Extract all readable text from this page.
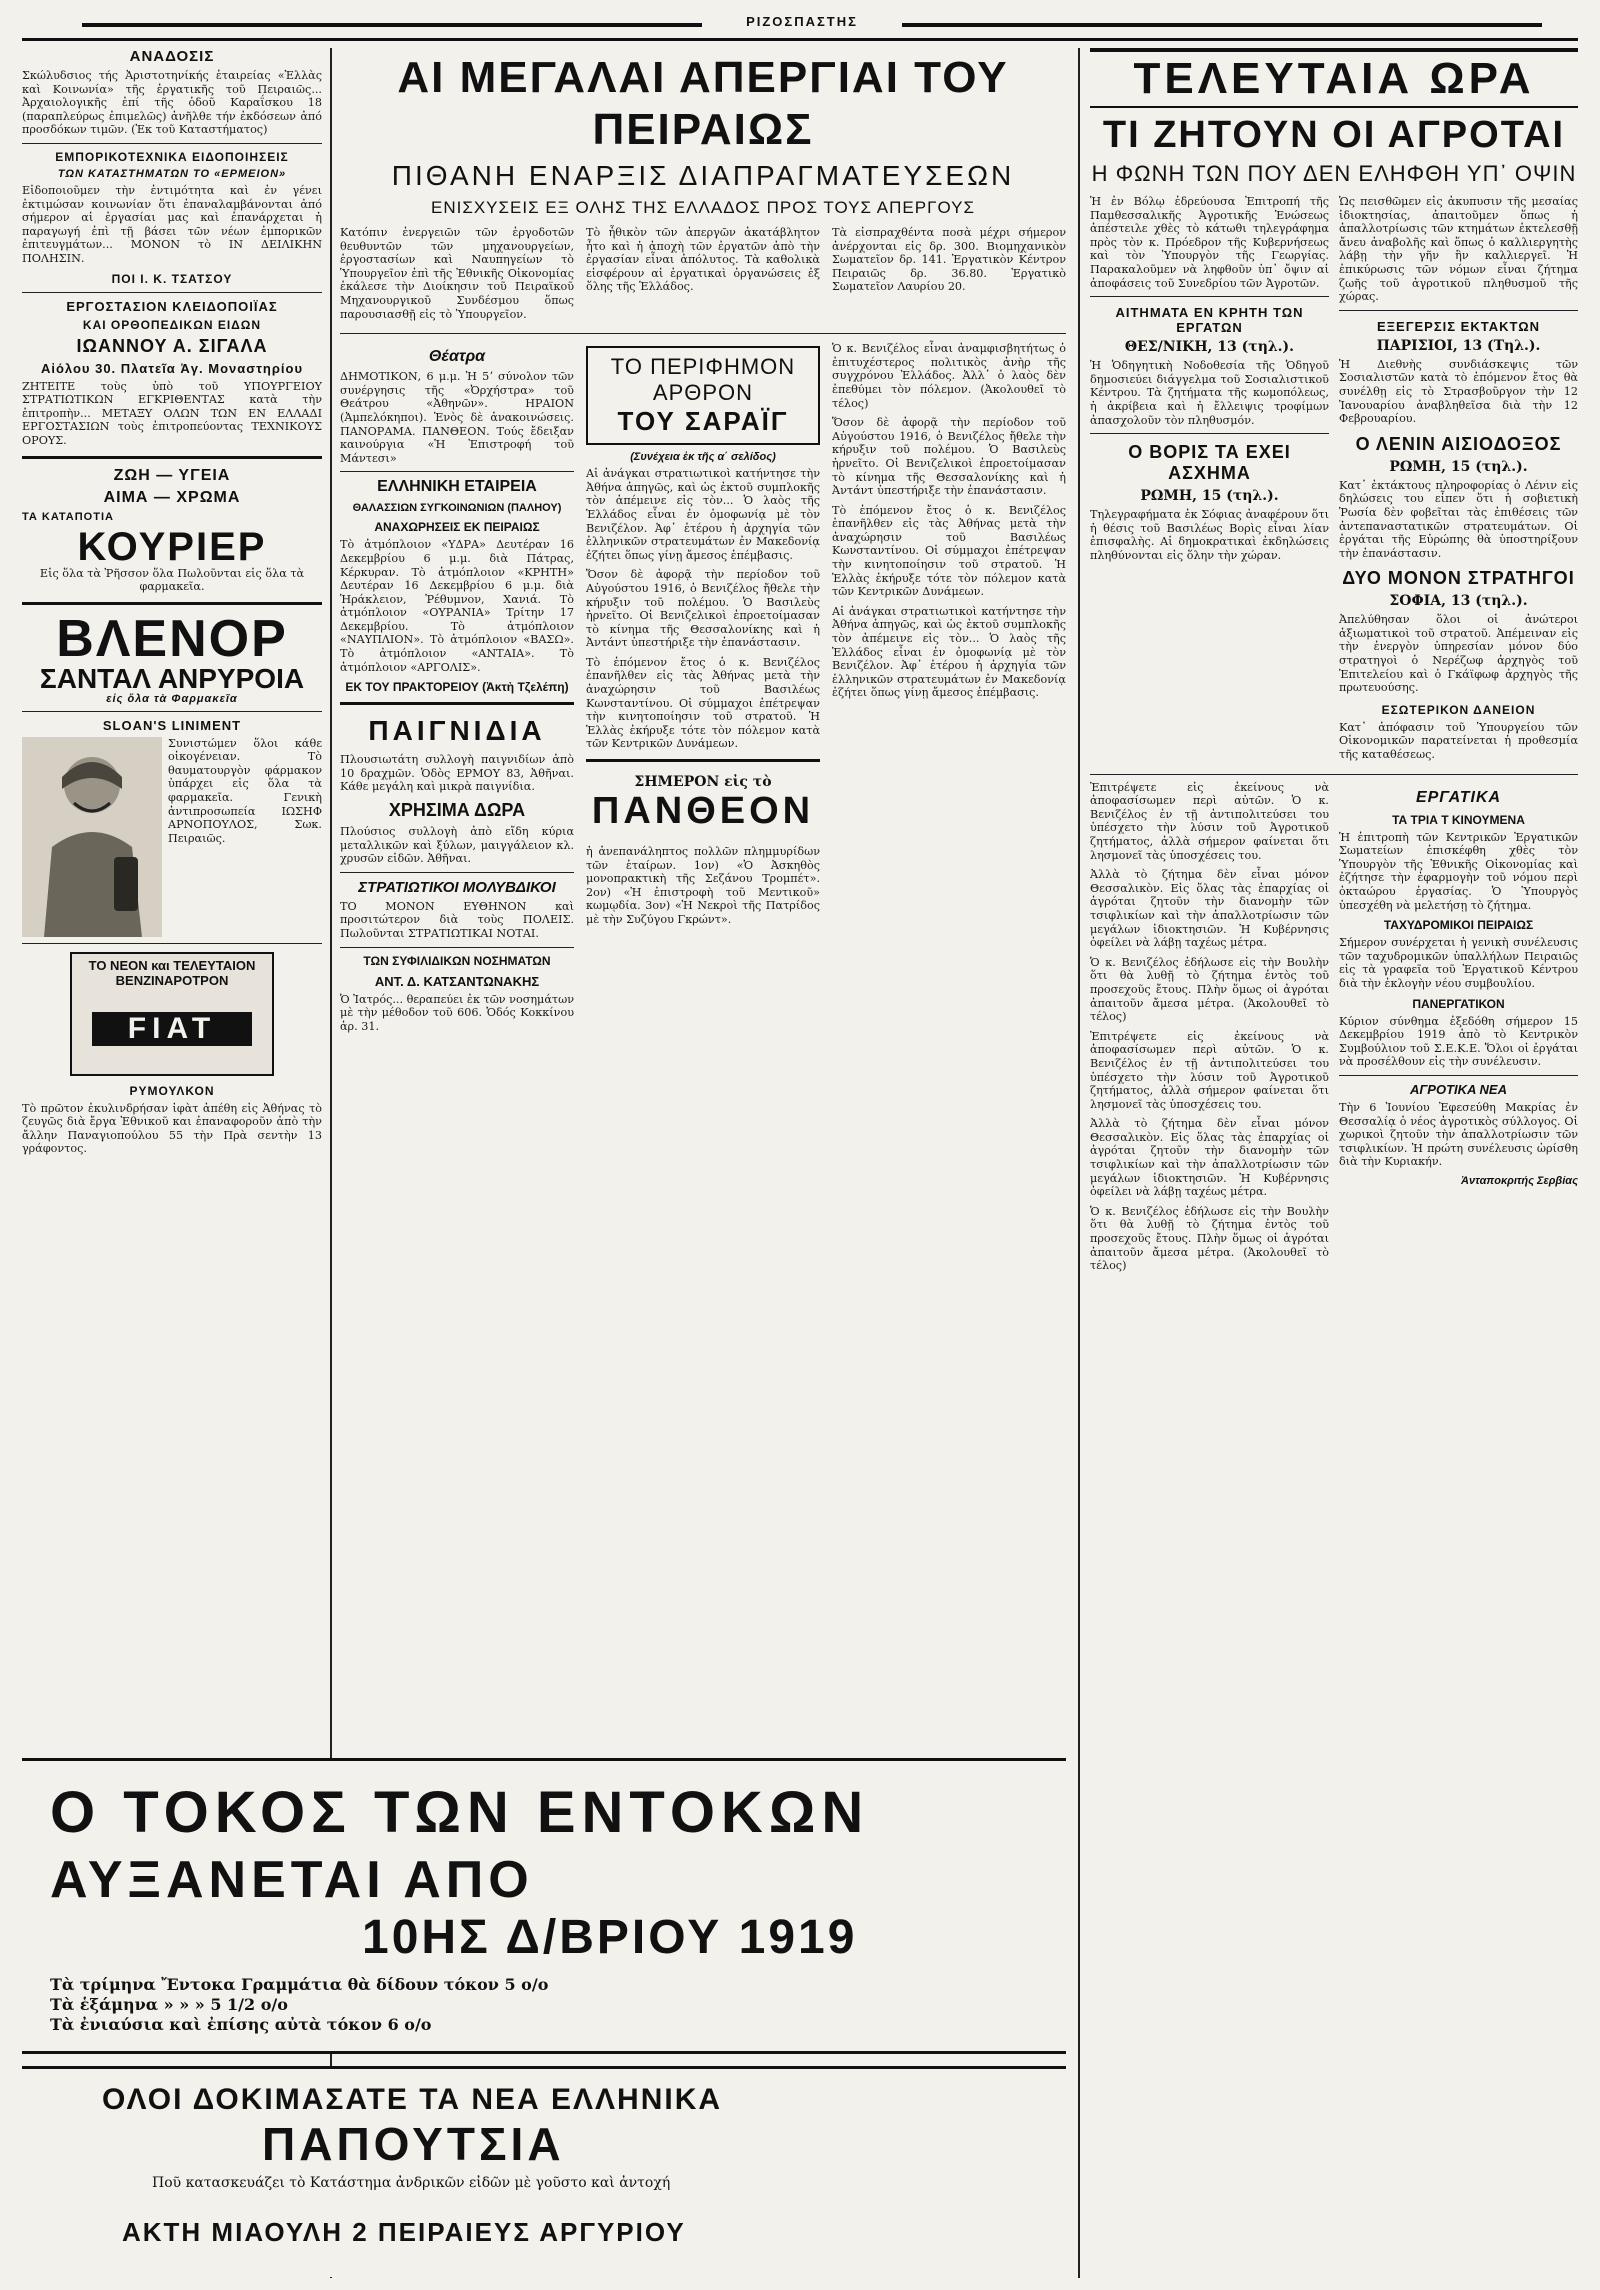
ΡΙΖΟΣΠΑΣΤΗΣ
ΑΝΑΔΟΣΙΣ

Σκώλυδσιος τής Ἀριστοτηνίκής ἑταιρείας «Ἑλλὰς καὶ Κοινωνία» τῆς ἐργατικῆς τοῦ Πειραιῶς... Ἀρχαιολογικῆς ἐπί τῆς ὁδοῦ Καραΐσκου 18 (παραπλεύρως ἐπιμελῶς) ἀνῆλθε τήν ἐκδόσεων ἀπό προσδόκων τιμῶν. (Ἐκ τοῦ Καταστήματος)

ΕΜΠΟΡΙΚΟΤΕΧΝΙΚΑ ΕΙΔΟΠΟΙΗΣΕΙΣ
ΤΩΝ ΚΑΤΑΣΤΗΜΑΤΩΝ ΤΟ «ΕΡΜΕΙΟΝ»

Εἰδοποιοῦμεν τὴν ἐντιμότητα καὶ ἐν γένει ἐκτιμώσαν κοινωνίαν ὅτι ἐπαναλαμβάνονται ἀπό σήμερον αἱ ἐργασίαι μας καὶ ἐπανάρχεται ἡ παραγωγή ἐπὶ τῇ βάσει τῶν νέων ἐμπορικῶν ἐπιτευγμάτων... ΜΟΝΟΝ τὸ ΙΝ ΔΕΙΛΙΚΗΝ ΠΟΛΗΣΙΝ.

ΠΟΙ Ι. Κ. ΤΣΑΤΣΟΥ
ΕΡΓΟΣΤΑΣΙΟΝ ΚΛΕΙΔΟΠΟΙΪΑΣ
ΚΑΙ ΟΡΘΟΠΕΔΙΚΩΝ ΕΙΔΩΝ
ΙΩΑΝΝΟΥ Α. ΣΙΓΑΛΑ
Αἰόλου 30. Πλατεῖα Ἀγ. Μοναστηρίου

ΖΗΤΕΙΤΕ τοὺς ὑπὸ τοῦ ΥΠΟΥΡΓΕΙΟΥ ΣΤΡΑΤΙΩΤΙΚΩΝ ΕΓΚΡΙΘΕΝΤΑΣ κατὰ τὴν ἐπιτροπὴν... ΜΕΤΑΞΥ ΟΛΩΝ ΤΩΝ ΕΝ ΕΛΛΑΔΙ ΕΡΓΟΣΤΑΣΙΩΝ τοὺς ἐπιτροπεύοντας ΤΕΧΝΙΚΟΥΣ ΟΡΟΥΣ.

ΖΩΗ — ΥΓΕΙΑ
ΑΙΜΑ — ΧΡΩΜΑ
ΤΑ ΚΑΤΑΠΟΤΙΑ
ΚΟΥΡΙΕΡ

Εἰς ὅλα τὰ Ῥῆσσον ὅλα Πωλοῦνται εἰς ὅλα τὰ φαρμακεῖα.

ΒΛΕΝΟΡ
ΣΑΝΤΑΛ ΑΝΡΥΡΟΙΑ
εἰς ὅλα τὰ Φαρμακεῖα
SLOAN'S LINIMENT

Συνιστώμεν ὅλοι κάθε οἰκογένειαν. Τὸ θαυματουργὸν φάρμακον ὑπάρχει εἰς ὅλα τὰ φαρμακεῖα. Γενικὴ ἀντιπροσωπεία ΙΩΣΗΦ ΑΡΝΟΠΟΥΛΟΣ, Σωκ. Πειραιῶς.

ΤΟ ΝΕΟΝ και ΤΕΛΕΥΤΑΙΟΝ ΒΕΝΖΙΝΑΡΟΤΡΟΝ
FIAT
ΡΥΜΟΥΛΚΟΝ

Τὸ πρῶτον ἐκυλινδρήσαν ἰφὰτ ἀπέθη εἰς Ἀθήνας τὸ ζευγῶς διὰ ἔργα Ἐθνικοῦ και ἐπαναφοροῦν ἀπὸ τὴν ἄλλην Παναγιοπούλου 55 τὴν Πρὰ σεντὴν 13 γράφοντος.

ΑΙ ΜΕΓΑΛΑΙ ΑΠΕΡΓΙΑΙ ΤΟΥ ΠΕΙΡΑΙΩΣ
ΠΙΘΑΝΗ ΕΝΑΡΞΙΣ ΔΙΑΠΡΑΓΜΑΤΕΥΣΕΩΝ
ΕΝΙΣΧΥΣΕΙΣ ΕΞ ΟΛΗΣ ΤΗΣ ΕΛΛΑΔΟΣ ΠΡΟΣ ΤΟΥΣ ΑΠΕΡΓΟΥΣ

Κατόπιν ἐνεργειῶν τῶν ἐργοδοτῶν θευθυντῶν τῶν μηχανουργείων, ἐργοστασίων καὶ Ναυπηγείων τὸ Ὑπουργεῖον ἐπὶ τῆς Ἐθνικῆς Οἰκονομίας ἐκάλεσε τὴν Διοίκησιν τοῦ Πειραϊκοῦ Μηχανουργικοῦ Συνδέσμου ὅπως παρουσιασθῇ εἰς τὸ Ὑπουργεῖον.

Τὸ ἦθικὸν τῶν ἀπεργῶν ἀκατάβλητον ἦτο καὶ ἡ ἀποχὴ τῶν ἐργατῶν ἀπὸ τὴν ἐργασίαν εἶναι ἀπόλυτος. Τὰ καθολικὰ εἰσφέρουν αἱ ἐργατικαὶ ὀργανώσεις ἐξ ὅλης τῆς Ἑλλάδος.

Τὰ εἰσπραχθέντα ποσὰ μέχρι σήμερον ἀνέρχονται εἰς δρ. 300. Βιομηχανικὸν Σωματεῖον δρ. 141. Ἐργατικὸν Κέντρον Πειραιῶς δρ. 36.80. Ἐργατικὸ Σωματεῖον Λαυρίου 20.

Θέατρα

ΔΗΜΟΤΙΚΟΝ, 6 μ.μ. Ἡ 5ʼ σύνολον τῶν συνέργησις τῆς «Ὀρχήστρα» τοῦ Θεάτρου «Ἀθηνῶν». ΗΡΑΙΟΝ (Ἀμπελόκηποι). Ἑνὸς δὲ ἀνακοινώσεις. ΠΑΝΟΡΑΜΑ. ΠΑΝΘΕΟΝ. Τούς ἔδειξαν καινούργια «Ἡ Ἐπιστροφή τοῦ Μάντεσι»

ΕΛΛΗΝΙΚΗ ΕΤΑΙΡΕΙΑ
ΘΑΛΑΣΣΙΩΝ ΣΥΓΚΟΙΝΩΝΙΩΝ (ΠΑΛΗΟΥ)
ΑΝΑΧΩΡΗΣΕΙΣ ΕΚ ΠΕΙΡΑΙΩΣ

Τὸ ἀτμόπλοιον «ΥΔΡΑ» Δευτέραν 16 Δεκεμβρίου 6 μ.μ. διὰ Πάτρας, Κέρκυραν. Τὸ ἀτμόπλοιον «ΚΡΗΤΗ» Δευτέραν 16 Δεκεμβρίου 6 μ.μ. διὰ Ἡράκλειον, Ῥέθυμνον, Χανιά. Τὸ ἀτμόπλοιον «ΟΥΡΑΝΙΑ» Τρίτην 17 Δεκεμβρίου. Τὸ ἀτμόπλοιον «ΝΑΥΠΛΙΟΝ». Τὸ ἀτμόπλοιον «ΒΑΣΩ». Τὸ ἀτμόπλοιον «ΑΝΤΑΙΑ». Τὸ ἀτμόπλοιον «ΑΡΓΟΛΙΣ».

ΕΚ ΤΟΥ ΠΡΑΚΤΟΡΕΙΟΥ (Ἀκτὴ Τζελέπη)
ΠΑΙΓΝΙΔΙΑ

Πλουσιωτάτη συλλογὴ παιγνιδίων ἀπὸ 10 δραχμῶν. Ὁδὸς ΕΡΜΟΥ 83, Ἀθῆναι. Κάθε μεγάλη καὶ μικρὰ παιγνίδια.

ΧΡΗΣΙΜΑ ΔΩΡΑ

Πλούσιος συλλογὴ ἀπὸ εἴδη κύρια μεταλλικῶν καὶ ξύλων, μαιγγάλειον κλ. χρυσῶν εἰδῶν. Ἀθῆναι.

ΣΤΡΑΤΙΩΤΙΚΟΙ ΜΟΛΥΒΔΙΚΟΙ

ΤΟ ΜΟΝΟΝ ΕΥΘΗΝΟΝ καὶ προσιτώτερον διὰ τοὺς ΠΟΛΕΙΣ. Πωλοῦνται ΣΤΡΑΤΙΩΤΙΚΑΙ ΝΟΤΑΙ.

ΤΩΝ ΣΥΦΙΛΙΔΙΚΩΝ ΝΟΣΗΜΑΤΩΝ
ΑΝΤ. Δ. ΚΑΤΣΑΝΤΩΝΑΚΗΣ

Ὁ Ἰατρός... θεραπεύει ἐκ τῶν νοσημάτων μὲ τὴν μέθοδον τοῦ 606. Ὁδός Κοκκίνου ἀρ. 31.

ΤΟ ΠΕΡΙΦΗΜΟΝ ΑΡΘΡΟΝ
ΤΟΥ ΣΑΡΑΪΓ
(Συνέχεια ἐκ τῆς α΄ σελίδος)

Αἱ ἀνάγκαι στρατιωτικοὶ κατήντησε τὴν Ἀθήνα ἀπηγῶς, καὶ ὡς ἐκτοῦ συμπλοκῆς τὸν ἀπέμεινε εἰς τὸν... Ὁ λαὸς τῆς Ἑλλάδος εἶναι ἐν ὁμοφωνίᾳ μὲ τὸν Βενιζέλον. Ἀφ᾿ ἑτέρου ἡ ἀρχηγία τῶν ἑλληνικῶν στρατευμάτων ἐν Μακεδονίᾳ ἐζήτει ὅπως γίνῃ ἄμεσος ἐπέμβασις.

Ὅσον δὲ ἀφορᾷ τὴν περίοδον τοῦ Αὐγούστου 1916, ὁ Βενιζέλος ἤθελε τὴν κήρυξιν τοῦ πολέμου. Ὁ Βασιλεὺς ἠρνεῖτο. Οἱ Βενιζελικοὶ ἐπροετοίμασαν τὸ κίνημα τῆς Θεσσαλονίκης καὶ ἡ Ἀντάντ ὑπεστήριξε τὴν ἐπανάστασιν.

Τὸ ἐπόμενον ἔτος ὁ κ. Βενιζέλος ἐπανῆλθεν εἰς τὰς Ἀθήνας μετὰ τὴν ἀναχώρησιν τοῦ Βασιλέως Κωνσταντίνου. Οἱ σύμμαχοι ἐπέτρεψαν τὴν κινητοποίησιν τοῦ στρατοῦ. Ἡ Ἑλλὰς ἐκήρυξε τότε τὸν πόλεμον κατὰ τῶν Κεντρικῶν Δυνάμεων.

ΣΗΜΕΡΟΝ εἰς τὸ
ΠΑΝΘΕΟΝ

ἡ ἀνεπανάληπτος πολλῶν πλημμυρίδων τῶν ἑταίρων. 1ον) «Ὁ Ἀσκηθὸς μονοπρακτικὴ τῆς Σεζάνου Τρομπέτ». 2ον) «Ἡ ἐπιστροφὴ τοῦ Μεντικοῦ» κωμῳδία. 3ον) «Ἡ Νεκροὶ τῆς Πατρίδος μὲ τὴν Συζύγου Γκρώντ».

Ὁ κ. Βενιζέλος εἶναι ἀναμφισβητήτως ὁ ἐπιτυχέστερος πολιτικὸς ἀνὴρ τῆς συγχρόνου Ἑλλάδος. Ἀλλ᾿ ὁ λαὸς δὲν ἐπεθύμει τὸν πόλεμον. (Ἀκολουθεῖ τὸ τέλος)

Ὅσον δὲ ἀφορᾷ τὴν περίοδον τοῦ Αὐγούστου 1916, ὁ Βενιζέλος ἤθελε τὴν κήρυξιν τοῦ πολέμου. Ὁ Βασιλεὺς ἠρνεῖτο. Οἱ Βενιζελικοὶ ἐπροετοίμασαν τὸ κίνημα τῆς Θεσσαλονίκης καὶ ἡ Ἀντάντ ὑπεστήριξε τὴν ἐπανάστασιν.

Τὸ ἐπόμενον ἔτος ὁ κ. Βενιζέλος ἐπανῆλθεν εἰς τὰς Ἀθήνας μετὰ τὴν ἀναχώρησιν τοῦ Βασιλέως Κωνσταντίνου. Οἱ σύμμαχοι ἐπέτρεψαν τὴν κινητοποίησιν τοῦ στρατοῦ. Ἡ Ἑλλὰς ἐκήρυξε τότε τὸν πόλεμον κατὰ τῶν Κεντρικῶν Δυνάμεων.

Αἱ ἀνάγκαι στρατιωτικοὶ κατήντησε τὴν Ἀθήνα ἀπηγῶς, καὶ ὡς ἐκτοῦ συμπλοκῆς τὸν ἀπέμεινε εἰς τὸν... Ὁ λαὸς τῆς Ἑλλάδος εἶναι ἐν ὁμοφωνίᾳ μὲ τὸν Βενιζέλον. Ἀφ᾿ ἑτέρου ἡ ἀρχηγία τῶν ἑλληνικῶν στρατευμάτων ἐν Μακεδονίᾳ ἐζήτει ὅπως γίνῃ ἄμεσος ἐπέμβασις.

Ο ΤΟΚΟΣ ΤΩΝ ΕΝΤΟΚΩΝ
ΑΥΞΑΝΕΤΑΙ ΑΠΟ
10ΗΣ Δ/ΒΡΙΟΥ 1919
Τὰ τρίμηνα Ἔντοκα Γραμμάτια θὰ δίδουν τόκον 5 ο/ο
Τὰ ἑξάμηνα » » » 5 1/2 ο/ο
Τὰ ἐνιαύσια καὶ ἐπίσης αὐτὰ τόκον 6 ο/ο
ΟΛΟΙ ΔΟΚΙΜΑΣΑΤΕ ΤΑ ΝΕΑ ΕΛΛΗΝΙΚΑ
ΠΑΠΟΥΤΣΙΑ
Ποῦ κατασκευάζει τὸ Κατάστημα ἀνδρικῶν εἰδῶν μὲ γοῦστο καὶ ἀντοχή
ΑΚΤΗ ΜΙΑΟΥΛΗ 2 ΠΕΙΡΑΙΕΥΣ ΑΡΓΥΡΙΟΥ
ΤΕΛΕΥΤΑΙΑ ΩΡΑ
ΤΙ ΖΗΤΟΥΝ ΟΙ ΑΓΡΟΤΑΙ
Η ΦΩΝΗ ΤΩΝ ΠΟΥ ΔΕΝ ΕΛΗΦΘΗ ΥΠ᾿ ΟΨΙΝ

Ἡ ἐν Βόλῳ ἐδρεύουσα Ἐπιτροπή τῆς Παμθεσσαλικῆς Ἀγροτικῆς Ἑνώσεως ἀπέστειλε χθὲς τὸ κάτωθι τηλεγράφημα πρὸς τὸν κ. Πρόεδρον τῆς Κυβερνήσεως καὶ τὸν Ὑπουργὸν τῆς Γεωργίας. Παρακαλοῦμεν νὰ ληφθοῦν ὑπ᾿ ὄψιν αἱ ἀποφάσεις τοῦ Συνεδρίου τῶν Ἀγροτῶν.

ΑΙΤΗΜΑΤΑ ΕΝ ΚΡΗΤΗ ΤΩΝ ΕΡΓΑΤΩΝ
ΘΕΣ/ΝΙΚΗ, 13 (τηλ.).

Ἡ Ὁδηγητικὴ Νοδοθεσία τῆς Ὁδηγοῦ δημοσιεύει διάγγελμα τοῦ Σοσιαλιστικοῦ Κέντρου. Τὰ ζητήματα τῆς κωμοπόλεως, ἡ ἀκρίβεια καὶ ἡ ἔλλειψις τροφίμων ἀπασχολοῦν τὸν πληθυσμόν.

Ο ΒΟΡΙΣ ΤΑ ΕΧΕΙ ΑΣΧΗΜΑ
ΡΩΜΗ, 15 (τηλ.).

Τηλεγραφήματα ἐκ Σόφιας ἀναφέρουν ὅτι ἡ θέσις τοῦ Βασιλέως Βορὶς εἶναι λίαν ἐπισφαλὴς. Αἱ δημοκρατικαὶ ἐκδηλώσεις πληθύνονται εἰς ὅλην τὴν χώραν.

Ὡς πεισθῶμεν εἰς ἀκυπυσιν τῆς μεσαίας ἰδιοκτησίας, ἀπαιτοῦμεν ὅπως ἡ ἀπαλλοτρίωσις τῶν κτημάτων ἐκτελεσθῇ ἄνευ ἀναβολῆς καὶ ὅπως ὁ καλλιεργητὴς λάβῃ τὴν γῆν ἣν καλλιεργεῖ. Ἡ ἐπικύρωσις τῶν νόμων εἶναι ζήτημα ζωῆς τοῦ ἀγροτικοῦ πληθυσμοῦ τῆς χώρας.

ΕΞΕΓΕΡΣΙΣ ΕΚΤΑΚΤΩΝ
ΠΑΡΙΣΙΟΙ, 13 (Τηλ.).

Ἡ Διεθνὴς συνδιάσκεψις τῶν Σοσιαλιστῶν κατὰ τὸ ἐπόμενον ἔτος θὰ συνέλθῃ εἰς τὸ Στρασβοῦργον τὴν 12 Ἰανουαρίου ἀναβληθεῖσα διὰ τὴν 12 Φεβρουαρίου.

Ο ΛΕΝΙΝ ΑΙΣΙΟΔΟΞΟΣ
ΡΩΜΗ, 15 (τηλ.).

Κατ᾿ ἐκτάκτους πληροφορίας ὁ Λένιν εἰς δηλώσεις του εἶπεν ὅτι ἡ σοβιετικὴ Ῥωσία δὲν φοβεῖται τὰς ἐπιθέσεις τῶν ἀντεπαναστατικῶν στρατευμάτων. Οἱ ἐργάται τῆς Εὐρώπης θὰ ὑποστηρίξουν τὴν ἐπανάστασιν.

ΔΥΟ ΜΟΝΟΝ ΣΤΡΑΤΗΓΟΙ
ΣΟΦΙΑ, 13 (τηλ.).

Ἀπελύθησαν ὅλοι οἱ ἀνώτεροι ἀξιωματικοὶ τοῦ στρατοῦ. Ἀπέμειναν εἰς τὴν ἐνεργὸν ὑπηρεσίαν μόνον δύο στρατηγοὶ ὁ Νερέζωφ ἀρχηγὸς τοῦ Ἐπιτελείου καὶ ὁ Γκάϊφωφ ἀρχηγὸς τῆς πρωτευούσης.

ΕΣΩΤΕΡΙΚΟΝ ΔΑΝΕΙΟΝ

Κατ᾿ ἀπόφασιν τοῦ Ὑπουργείου τῶν Οἰκονομικῶν παρατείνεται ἡ προθεσμία τῆς καταθέσεως.

Ἐπιτρέψετε εἰς ἐκείνους νὰ ἀποφασίσωμεν περὶ αὐτῶν. Ὁ κ. Βενιζέλος ἐν τῇ ἀντιπολιτεύσει του ὑπέσχετο τὴν λύσιν τοῦ Ἀγροτικοῦ ζητήματος, ἀλλὰ σήμερον φαίνεται ὅτι λησμονεῖ τὰς ὑποσχέσεις του.

Ἀλλὰ τὸ ζήτημα δὲν εἶναι μόνον Θεσσαλικὸν. Εἰς ὅλας τὰς ἐπαρχίας οἱ ἀγρόται ζητοῦν τὴν διανομὴν τῶν τσιφλικίων καὶ τὴν ἀπαλλοτρίωσιν τῶν μεγάλων ἰδιοκτησιῶν. Ἡ Κυβέρνησις ὀφείλει νὰ λάβῃ ταχέως μέτρα.

Ὁ κ. Βενιζέλος ἐδήλωσε εἰς τὴν Βουλὴν ὅτι θὰ λυθῇ τὸ ζήτημα ἐντὸς τοῦ προσεχοῦς ἔτους. Πλὴν ὅμως οἱ ἀγρόται ἀπαιτοῦν ἄμεσα μέτρα. (Ἀκολουθεῖ τὸ τέλος)

Ἐπιτρέψετε εἰς ἐκείνους νὰ ἀποφασίσωμεν περὶ αὐτῶν. Ὁ κ. Βενιζέλος ἐν τῇ ἀντιπολιτεύσει του ὑπέσχετο τὴν λύσιν τοῦ Ἀγροτικοῦ ζητήματος, ἀλλὰ σήμερον φαίνεται ὅτι λησμονεῖ τὰς ὑποσχέσεις του.

Ἀλλὰ τὸ ζήτημα δὲν εἶναι μόνον Θεσσαλικὸν. Εἰς ὅλας τὰς ἐπαρχίας οἱ ἀγρόται ζητοῦν τὴν διανομὴν τῶν τσιφλικίων καὶ τὴν ἀπαλλοτρίωσιν τῶν μεγάλων ἰδιοκτησιῶν. Ἡ Κυβέρνησις ὀφείλει νὰ λάβῃ ταχέως μέτρα.

Ὁ κ. Βενιζέλος ἐδήλωσε εἰς τὴν Βουλὴν ὅτι θὰ λυθῇ τὸ ζήτημα ἐντὸς τοῦ προσεχοῦς ἔτους. Πλὴν ὅμως οἱ ἀγρόται ἀπαιτοῦν ἄμεσα μέτρα. (Ἀκολουθεῖ τὸ τέλος)

ΕΡΓΑΤΙΚΑ
ΤΑ ΤΡΙΑ Τ ΚΙΝΟΥΜΕΝΑ

Ἡ ἐπιτροπὴ τῶν Κεντρικῶν Ἐργατικῶν Σωματείων ἐπισκέφθη χθὲς τὸν Ὑπουργὸν τῆς Ἐθνικῆς Οἰκονομίας καὶ ἐζήτησε τὴν ἐφαρμογὴν τοῦ νόμου περὶ ὀκταώρου ἐργασίας. Ὁ Ὑπουργὸς ὑπεσχέθη νὰ μελετήσῃ τὸ ζήτημα.

ΤΑΧΥΔΡΟΜΙΚΟΙ ΠΕΙΡΑΙΩΣ

Σήμερον συνέρχεται ἡ γενικὴ συνέλευσις τῶν ταχυδρομικῶν ὑπαλλήλων Πειραιῶς εἰς τὰ γραφεῖα τοῦ Ἐργατικοῦ Κέντρου διὰ τὴν ἐκλογὴν νέου συμβουλίου.

ΠΑΝΕΡΓΑΤΙΚΟΝ

Κύριον σύνθημα ἐξεδόθη σήμερον 15 Δεκεμβρίου 1919 ἀπὸ τὸ Κεντρικὸν Συμβούλιον τοῦ Σ.Ε.Κ.Ε. Ὅλοι οἱ ἐργάται νὰ προσέλθουν εἰς τὴν συνέλευσιν.

ΑΓΡΟΤΙΚΑ ΝΕΑ

Τὴν 6 Ἰουνίου Ἐφεσεύθη Μακρίας ἐν Θεσσαλίᾳ ὁ νέος ἀγροτικὸς σύλλογος. Οἱ χωρικοὶ ζητοῦν τὴν ἀπαλλοτρίωσιν τῶν τσιφλικίων. Ἡ πρώτη συνέλευσις ὡρίσθη διὰ τὴν Κυριακήν.

Ἀνταποκριτής Σερβίας
